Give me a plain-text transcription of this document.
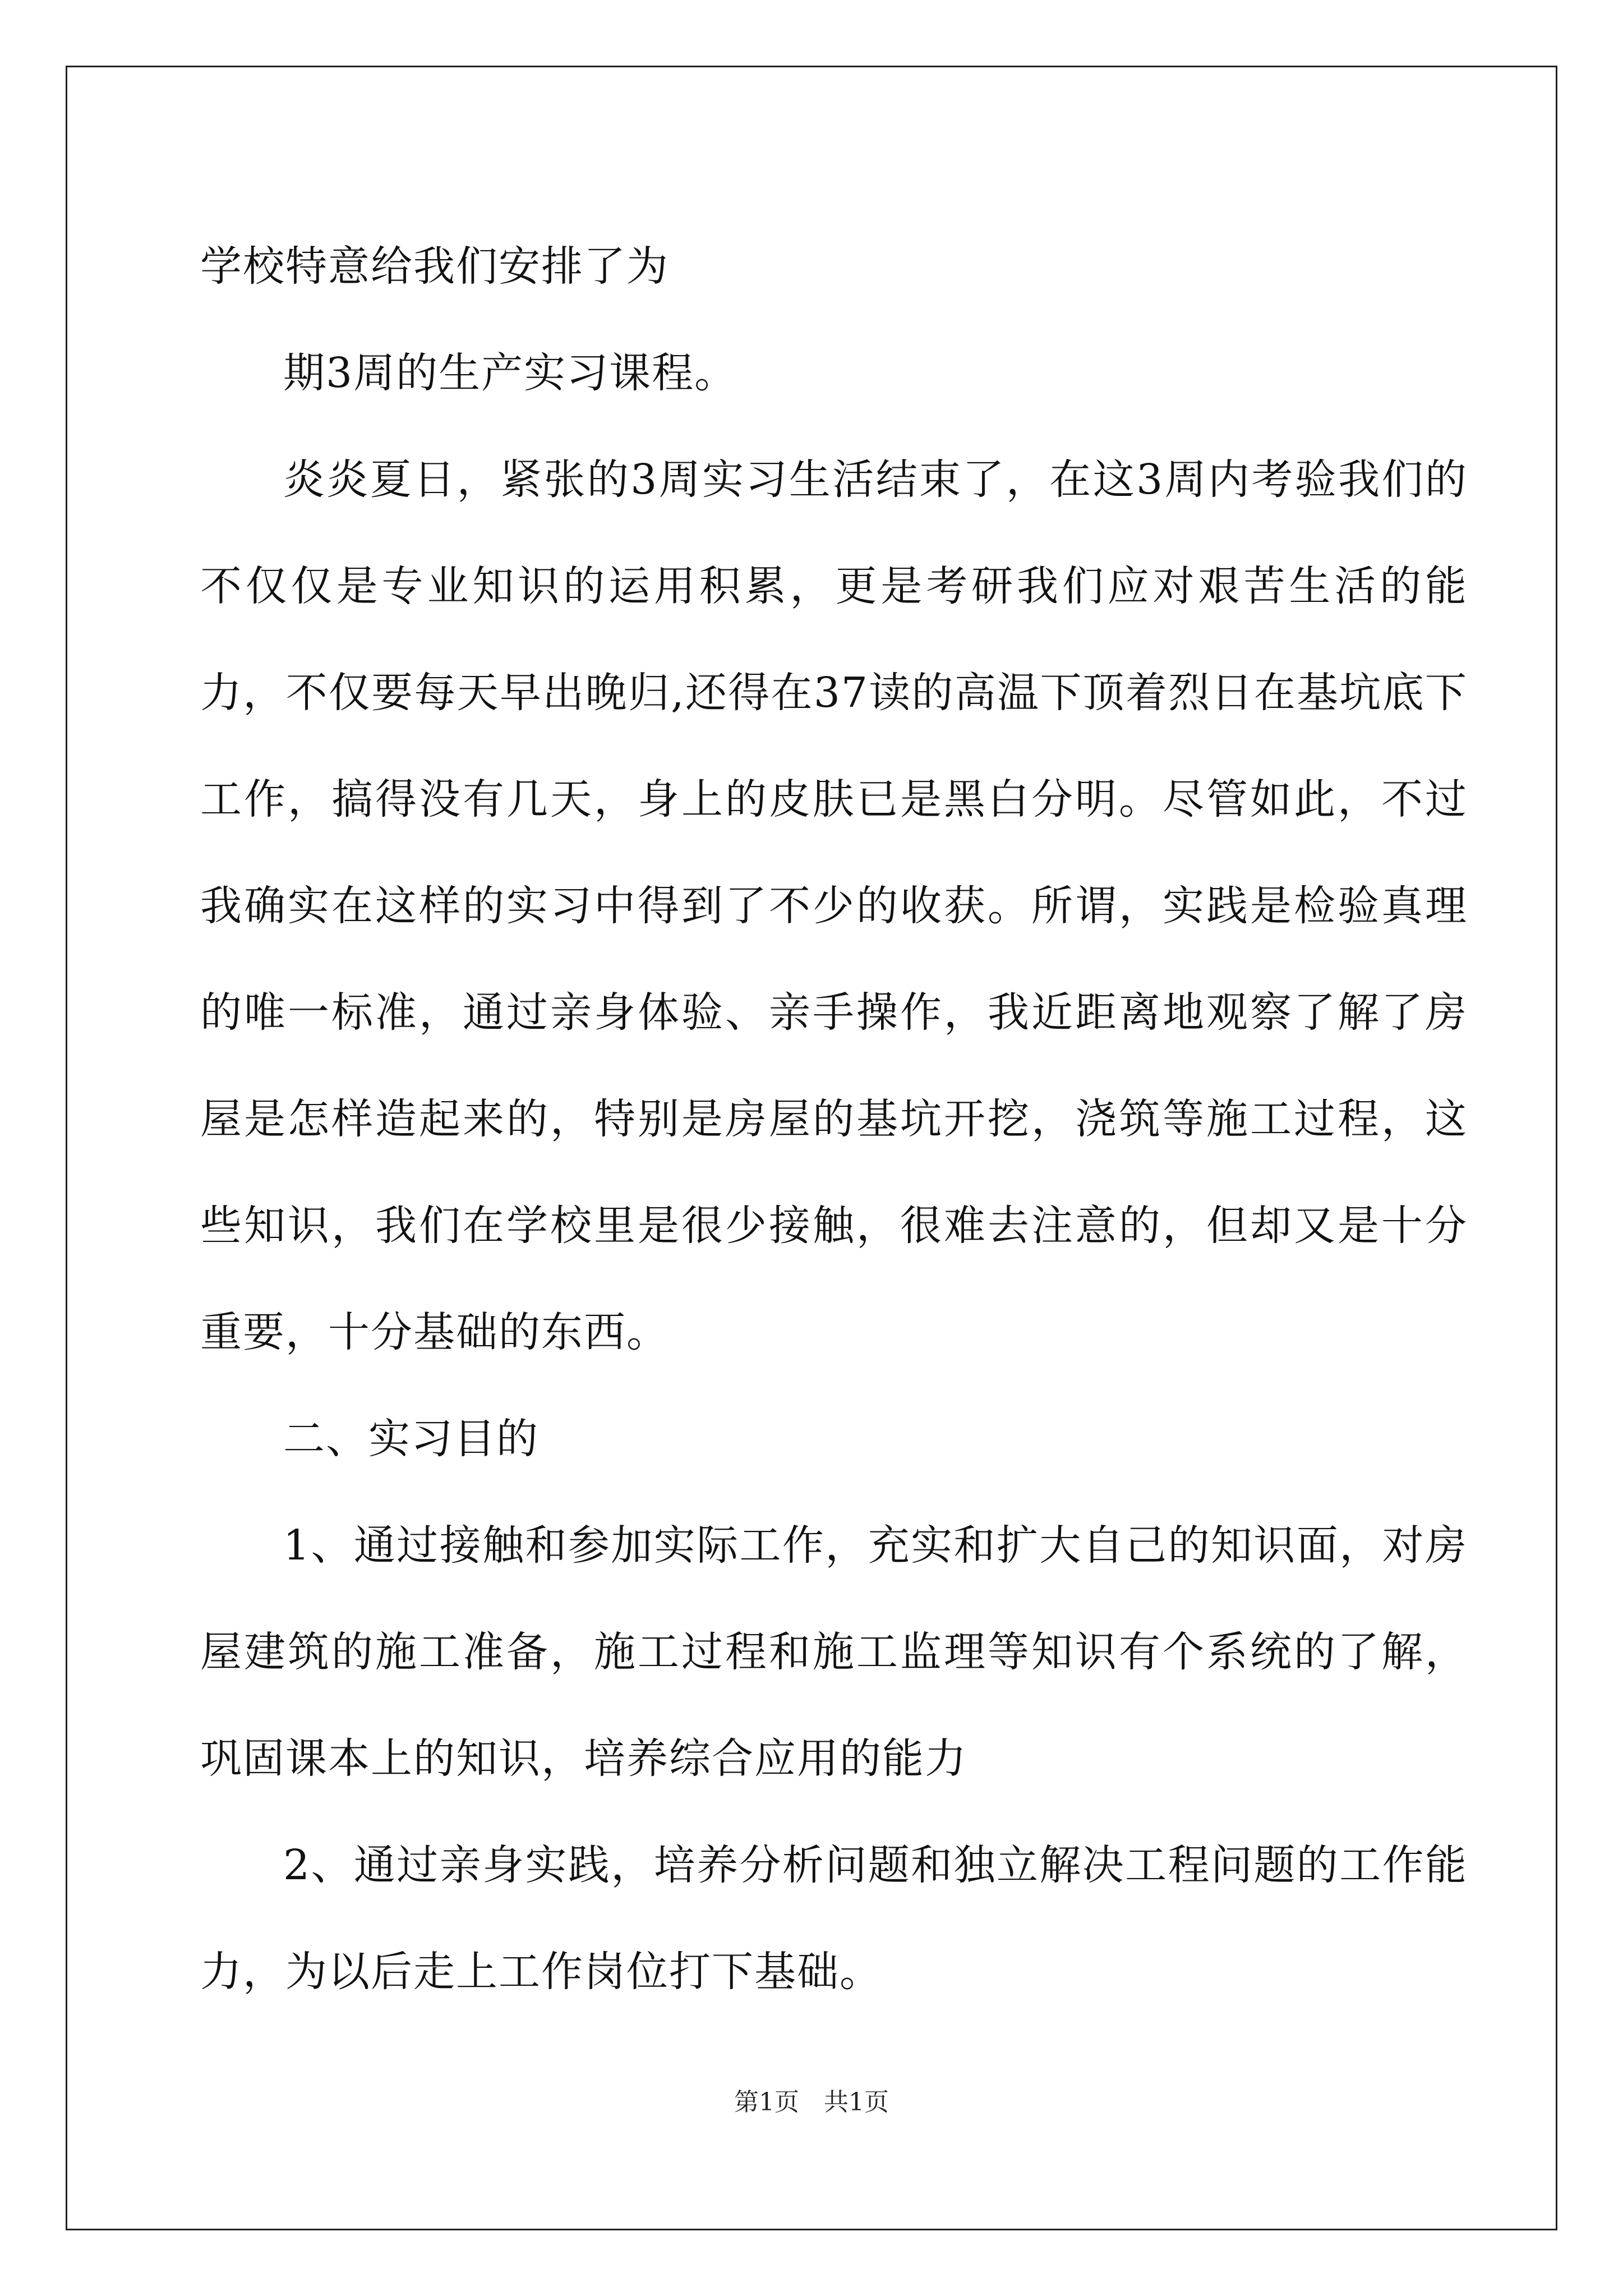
学校特意给我们安排了为

期3周的生产实习课程。

炎炎夏日，紧张的3周实习生活结束了，在这3周内考验我们的不仅仅是专业知识的运用积累，更是考研我们应对艰苦生活的能力，不仅要每天早出晚归,还得在37读的高温下顶着烈日在基坑底下工作，搞得没有几天，身上的皮肤已是黑白分明。尽管如此，不过我确实在这样的实习中得到了不少的收获。所谓，实践是检验真理的唯一标准，通过亲身体验、亲手操作，我近距离地观察了解了房屋是怎样造起来的，特别是房屋的基坑开挖，浇筑等施工过程，这些知识，我们在学校里是很少接触，很难去注意的，但却又是十分重要，十分基础的东西。

二、实习目的

1、通过接触和参加实际工作，充实和扩大自己的知识面，对房屋建筑的施工准备，施工过程和施工监理等知识有个系统的了解，巩固课本上的知识，培养综合应用的能力

2、通过亲身实践，培养分析问题和独立解决工程问题的工作能力，为以后走上工作岗位打下基础。

第1页 共1页
